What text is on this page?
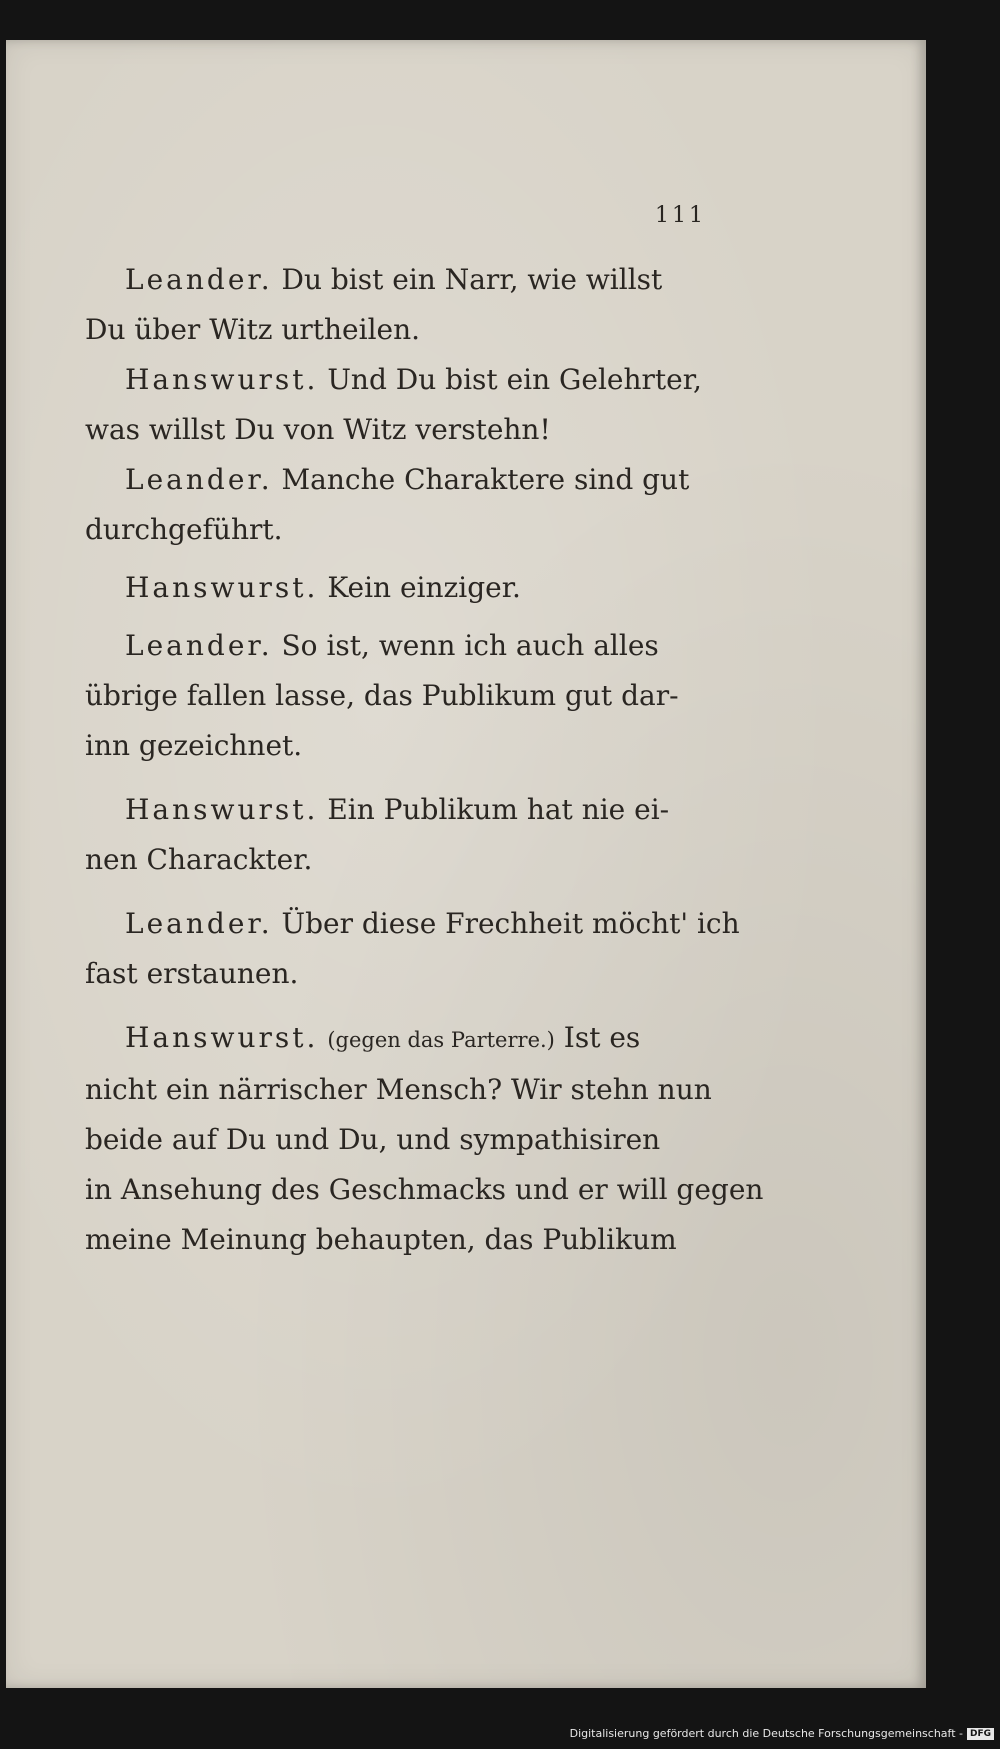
111

Leander. Du bist ein Narr, wie willst
Du über Witz urtheilen.

Hanswurst. Und Du bist ein Gelehrter,
was willst Du von Witz verstehn!

Leander. Manche Charaktere sind gut
durchgeführt.

Hanswurst. Kein einziger.

Leander. So ist, wenn ich auch alles
übrige fallen lasse, das Publikum gut dar-
inn gezeichnet.

Hanswurst. Ein Publikum hat nie ei-
nen Charackter.

Leander. Über diese Frechheit möcht' ich
fast erstaunen.

Hanswurst. (gegen das Parterre.) Ist es
nicht ein närrischer Mensch? Wir stehn nun
beide auf Du und Du, und sympathisiren
in Ansehung des Geschmacks und er will gegen
meine Meinung behaupten, das Publikum

Digitalisierung gefördert durch die Deutsche Forschungsgemeinschaft - DFG
